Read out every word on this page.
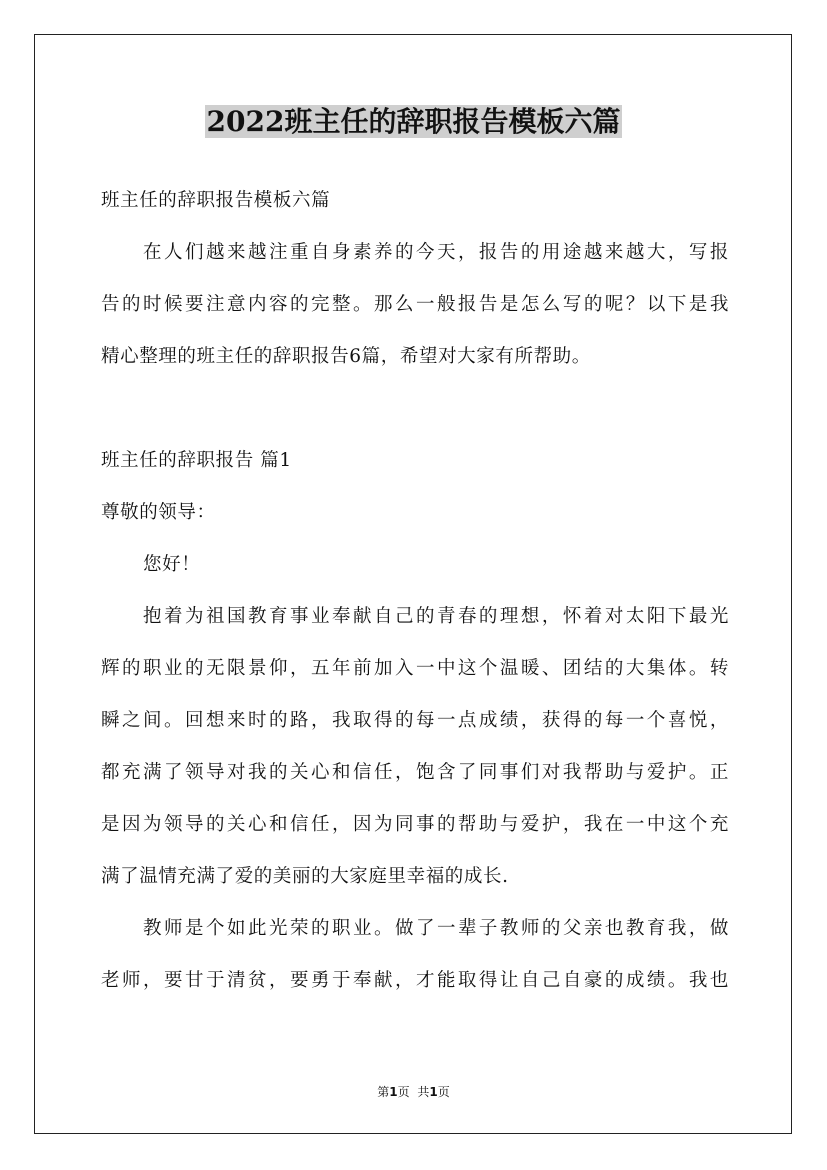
2022班主任的辞职报告模板六篇
班主任的辞职报告模板六篇
在人们越来越注重自身素养的今天，报告的用途越来越大，写报
告的时候要注意内容的完整。那么一般报告是怎么写的呢？以下是我
精心整理的班主任的辞职报告6篇，希望对大家有所帮助。
班主任的辞职报告 篇1
尊敬的领导：
您好！
抱着为祖国教育事业奉献自己的青春的理想，怀着对太阳下最光
辉的职业的无限景仰，五年前加入一中这个温暖、团结的大集体。转
瞬之间。回想来时的路，我取得的每一点成绩，获得的每一个喜悦，
都充满了领导对我的关心和信任，饱含了同事们对我帮助与爱护。正
是因为领导的关心和信任，因为同事的帮助与爱护，我在一中这个充
满了温情充满了爱的美丽的大家庭里幸福的成长.
教师是个如此光荣的职业。做了一辈子教师的父亲也教育我，做
老师，要甘于清贫，要勇于奉献，才能取得让自己自豪的成绩。我也
第1页 共1页
